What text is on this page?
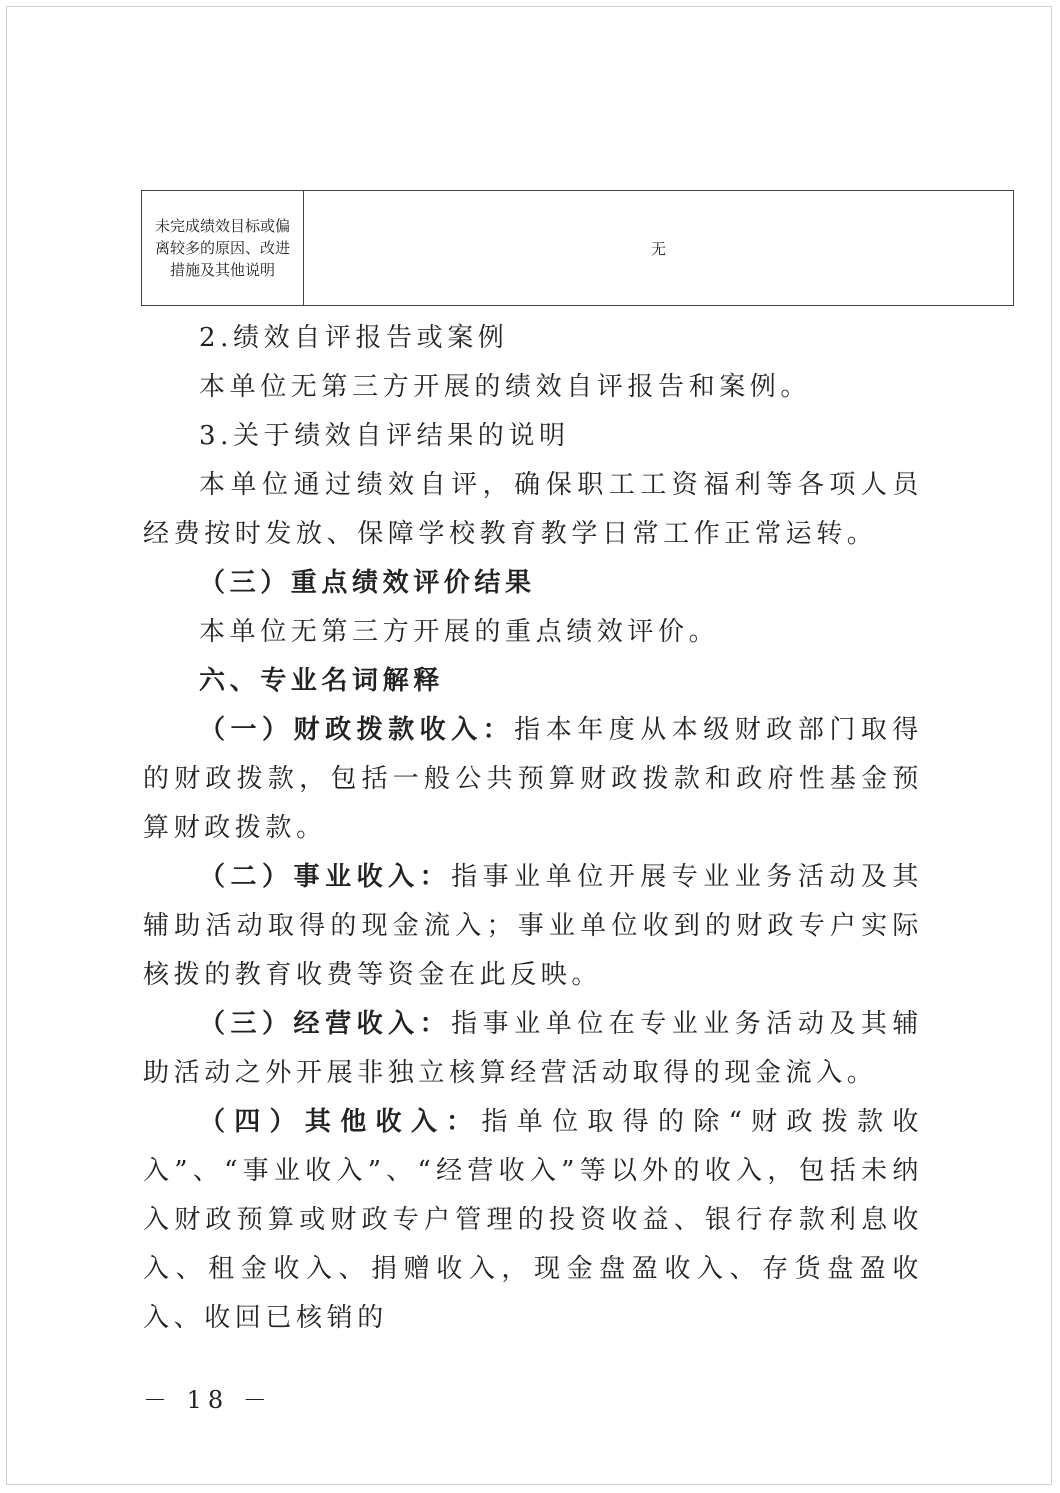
未完成绩效目标或偏离较多的原因、改进措施及其他说明
无

2.绩效自评报告或案例

本单位无第三方开展的绩效自评报告和案例。

3.关于绩效自评结果的说明

本单位通过绩效自评，确保职工工资福利等各项人员经费按时发放、保障学校教育教学日常工作正常运转。

（三）重点绩效评价结果

本单位无第三方开展的重点绩效评价。

六、专业名词解释

（一）财政拨款收入：指本年度从本级财政部门取得的财政拨款，包括一般公共预算财政拨款和政府性基金预算财政拨款。

（二）事业收入：指事业单位开展专业业务活动及其辅助活动取得的现金流入；事业单位收到的财政专户实际核拨的教育收费等资金在此反映。

（三）经营收入：指事业单位在专业业务活动及其辅助活动之外开展非独立核算经营活动取得的现金流入。

（四）其他收入：指单位取得的除“财政拨款收入”、“事业收入”、“经营收入”等以外的收入，包括未纳入财政预算或财政专户管理的投资收益、银行存款利息收入、租金收入、捐赠收入，现金盘盈收入、存货盘盈收入、收回已核销的

－ 18 －
